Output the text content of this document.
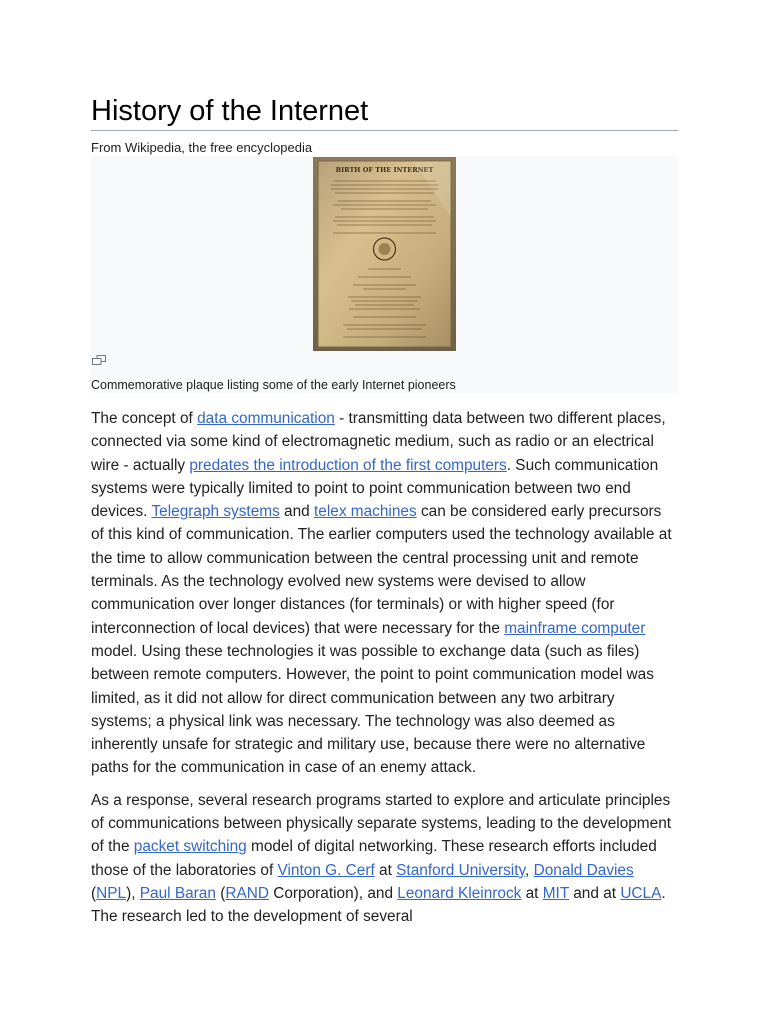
History of the Internet
From Wikipedia, the free encyclopedia
BIRTH OF THE INTERNET
Commemorative plaque listing some of the early Internet pioneers

The concept of data communication - transmitting data between two different places, connected via some kind of electromagnetic medium, such as radio or an electrical wire - actually predates the introduction of the first computers. Such communication systems were typically limited to point to point communication between two end devices. Telegraph systems and telex machines can be considered early precursors of this kind of communication. The earlier computers used the technology available at the time to allow communication between the central processing unit and remote terminals. As the technology evolved new systems were devised to allow communication over longer distances (for terminals) or with higher speed (for interconnection of local devices) that were necessary for the mainframe computer model. Using these technologies it was possible to exchange data (such as files) between remote computers. However, the point to point communication model was limited, as it did not allow for direct communication between any two arbitrary systems; a physical link was necessary. The technology was also deemed as inherently unsafe for strategic and military use, because there were no alternative paths for the communication in case of an enemy attack.

As a response, several research programs started to explore and articulate principles of communications between physically separate systems, leading to the development of the packet switching model of digital networking. These research efforts included those of the laboratories of Vinton G. Cerf at Stanford University, Donald Davies (NPL), Paul Baran (RAND Corporation), and Leonard Kleinrock at MIT and at UCLA. The research led to the development of several
